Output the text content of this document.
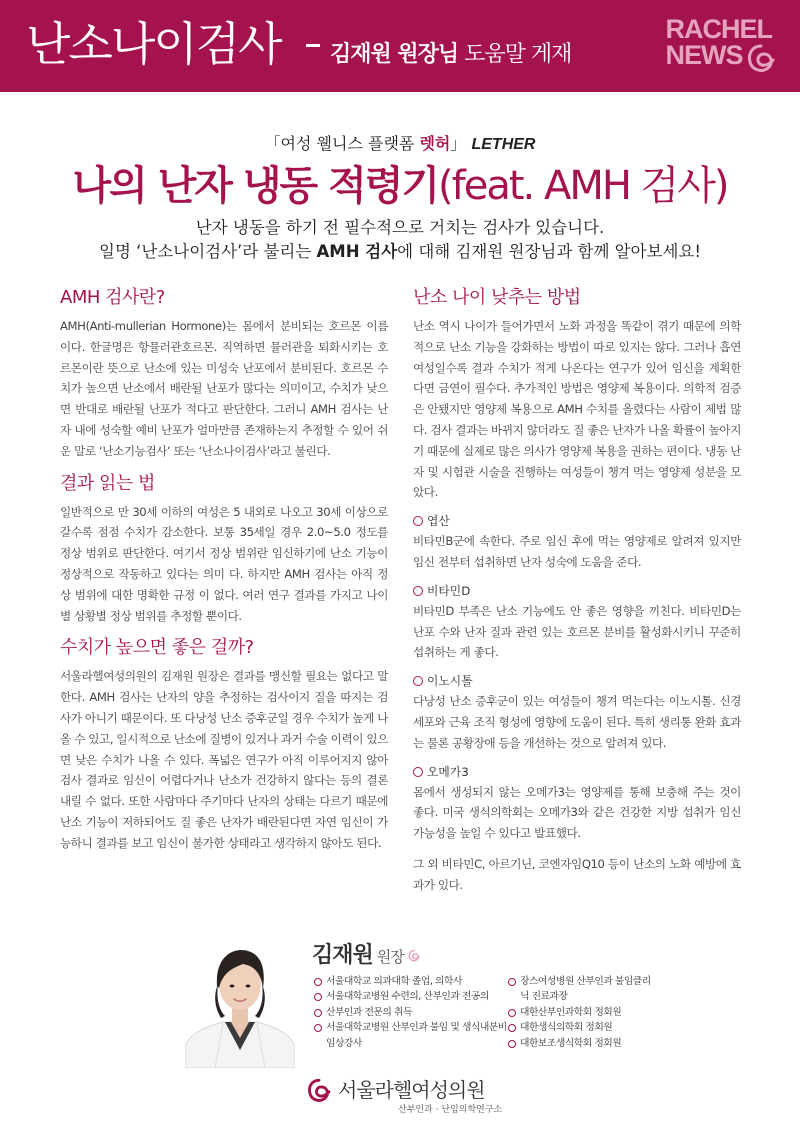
난소나이검사 김재원 원장님 도움말 게재
RACHEL
NEWS
「여성 웰니스 플랫폼 렛허」 LETHER
나의 난자 냉동 적령기(feat. AMH 검사)
난자 냉동을 하기 전 필수적으로 거치는 검사가 있습니다.
일명 ‘난소나이검사’라 불리는 AMH 검사에 대해 김재원 원장님과 함께 알아보세요!
AMH 검사란?
AMH(Anti-mullerian Hormone)는 몸에서 분비되는 호르몬 이름이다. 한글명은 항뮬러관호르몬. 직역하면 뮬러관을 퇴화시키는 호르몬이란 뜻으로 난소에 있는 미성숙 난포에서 분비된다. 호르몬 수치가 높으면 난소에서 배란될 난포가 많다는 의미이고, 수치가 낮으면 반대로 배란될 난포가 적다고 판단한다. 그러니 AMH 검사는 난자 내에 성숙할 예비 난포가 얼마만큼 존재하는지 추정할 수 있어 쉬운 말로 ‘난소기능검사’ 또는 ‘난소나이검사’라고 불린다.
결과 읽는 법
일반적으로 만 30세 이하의 여성은 5 내외로 나오고 30세 이상으로 갈수록 점점 수치가 감소한다. 보통 35세일 경우 2.0~5.0 정도를 정상 범위로 판단한다. 여기서 정상 범위란 임신하기에 난소 기능이 정상적으로 작동하고 있다는 의미 다. 하지만 AMH 검사는 아직 정상 범위에 대한 명확한 규정 이 없다. 여러 연구 결과를 가지고 나이별 상황별 정상 범위를 추정할 뿐이다.
수치가 높으면 좋은 걸까?
서울라헬여성의원의 김재원 원장은 결과를 맹신할 필요는 없다고 말한다. AMH 검사는 난자의 양을 추정하는 검사이지 질을 따지는 검사가 아니기 때문이다. 또 다낭성 난소 증후군일 경우 수치가 높게 나올 수 있고, 일시적으로 난소에 질병이 있거나 과거 수술 이력이 있으면 낮은 수치가 나올 수 있다. 폭넓은 연구가 아직 이루어지지 않아 검사 결과로 임신이 어렵다거나 난소가 건강하지 않다는 등의 결론 내릴 수 없다. 또한 사람마다 주기마다 난자의 상태는 다르기 때문에 난소 기능이 저하되어도 질 좋은 난자가 배란된다면 자연 임신이 가능하니 결과를 보고 임신이 불가한 상태라고 생각하지 않아도 된다.
난소 나이 낮추는 방법
난소 역시 나이가 들어가면서 노화 과정을 똑같이 겪기 때문에 의학적으로 난소 기능을 강화하는 방법이 따로 있지는 않다. 그러나 흡연 여성일수록 결과 수치가 적게 나온다는 연구가 있어 임신을 계획한다면 금연이 필수다. 추가적인 방법은 영양제 복용이다. 의학적 검증은 안됐지만 영양제 복용으로 AMH 수치를 올렸다는 사람이 제법 많다. 검사 결과는 바뀌지 않더라도 질 좋은 난자가 나올 확률이 높아지기 때문에 실제로 많은 의사가 영양제 복용을 권하는 편이다. 냉동 난자 및 시험관 시술을 진행하는 여성들이 챙겨 먹는 영양제 성분을 모았다.
엽산
비타민B군에 속한다. 주로 임신 후에 먹는 영양제로 알려져 있지만 임신 전부터 섭취하면 난자 성숙에 도움을 준다.
비타민D
비타민D 부족은 난소 기능에도 안 좋은 영향을 끼친다. 비타민D는 난포 수와 난자 질과 관련 있는 호르몬 분비를 활성화시키니 꾸준히 섭취하는 게 좋다.
이노시톨
다낭성 난소 증후군이 있는 여성들이 챙겨 먹는다는 이노시톨. 신경 세포와 근육 조직 형성에 영향에 도움이 된다. 특히 생리통 완화 효과는 물론 공황장애 등을 개선하는 것으로 알려져 있다.
오메가3
몸에서 생성되지 않는 오메가3는 영양제를 통해 보충해 주는 것이 좋다. 미국 생식의학회는 오메가3와 같은 건강한 지방 섭취가 임신 가능성을 높일 수 있다고 발표했다.
그 외 비타민C, 아르기닌, 코엔자임Q10 등이 난소의 노화 예방에 효과가 있다.
김재원 원장
서울대학교 의과대학 졸업, 의학사
서울대학교병원 수련의, 산부인과 전공의
산부인과 전문의 취득
서울대학교병원 산부인과 불임 및 생식내분비 임상강사
장스여성병원 산부인과 불임클리닉 진료과장
대한산부인과학회 정회원
대한생식의학회 정회원
대한보조생식학회 정회원
서울라헬여성의원
산부인과 · 난임의학연구소
